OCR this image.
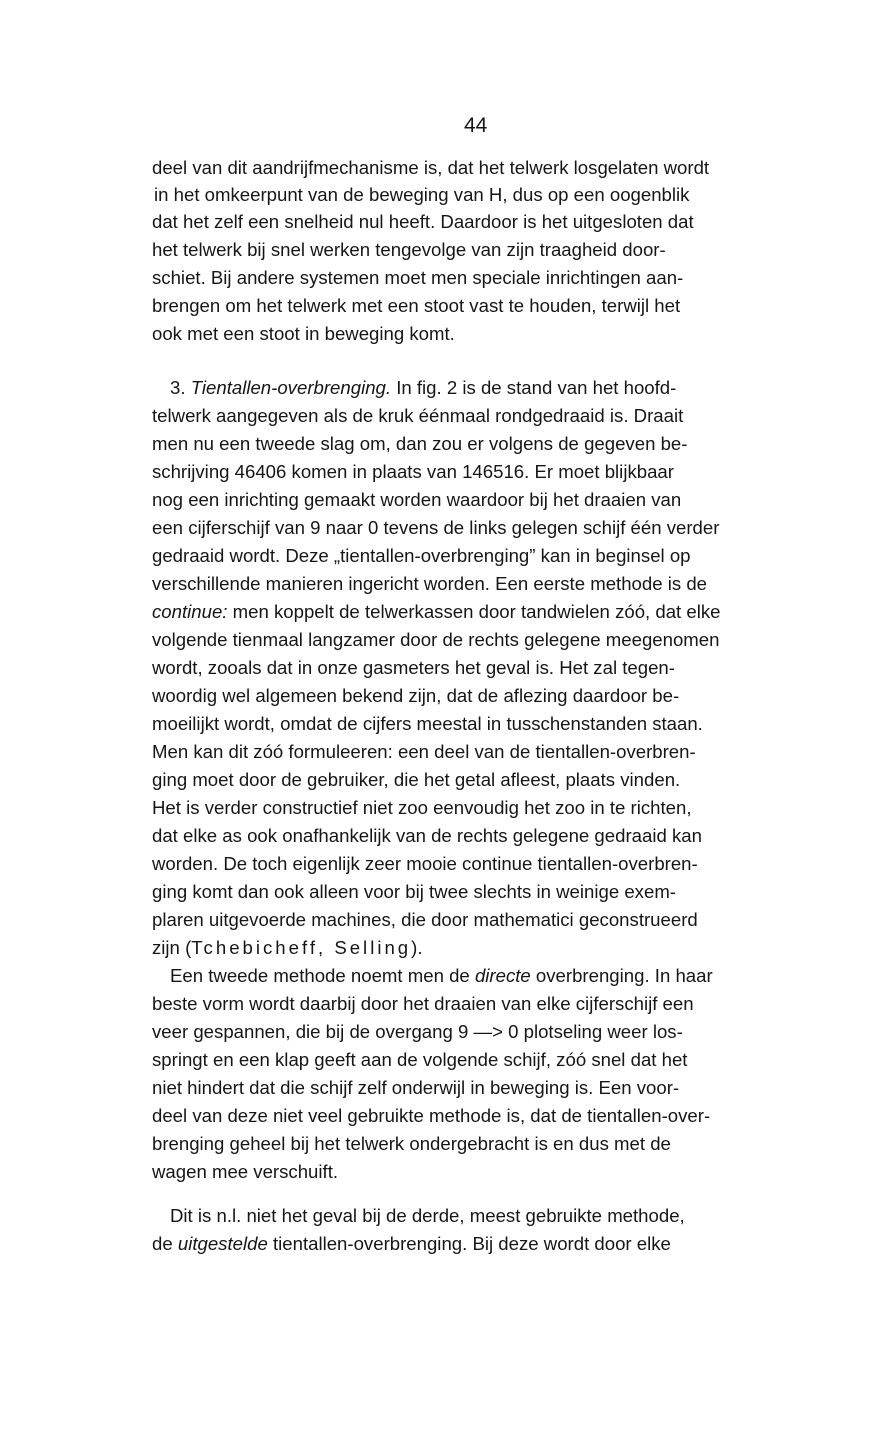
44
deel van dit aandrijfmechanisme is, dat het telwerk losgelaten wordt
in het omkeerpunt van de beweging van H, dus op een oogenblik
dat het zelf een snelheid nul heeft. Daardoor is het uitgesloten dat
het telwerk bij snel werken tengevolge van zijn traagheid door-
schiet. Bij andere systemen moet men speciale inrichtingen aan-
brengen om het telwerk met een stoot vast te houden, terwijl het
ook met een stoot in beweging komt.
3. Tientallen-overbrenging. In fig. 2 is de stand van het hoofd-
telwerk aangegeven als de kruk éénmaal rondgedraaid is. Draait
men nu een tweede slag om, dan zou er volgens de gegeven be-
schrijving 46406 komen in plaats van 146516. Er moet blijkbaar
nog een inrichting gemaakt worden waardoor bij het draaien van
een cijferschijf van 9 naar 0 tevens de links gelegen schijf één verder
gedraaid wordt. Deze „tientallen-overbrenging” kan in beginsel op
verschillende manieren ingericht worden. Een eerste methode is de
continue: men koppelt de telwerkassen door tandwielen zóó, dat elke
volgende tienmaal langzamer door de rechts gelegene meegenomen
wordt, zooals dat in onze gasmeters het geval is. Het zal tegen-
woordig wel algemeen bekend zijn, dat de aflezing daardoor be-
moeilijkt wordt, omdat de cijfers meestal in tusschenstanden staan.
Men kan dit zóó formuleeren: een deel van de tientallen-overbren-
ging moet door de gebruiker, die het getal afleest, plaats vinden.
Het is verder constructief niet zoo eenvoudig het zoo in te richten,
dat elke as ook onafhankelijk van de rechts gelegene gedraaid kan
worden. De toch eigenlijk zeer mooie continue tientallen-overbren-
ging komt dan ook alleen voor bij twee slechts in weinige exem-
plaren uitgevoerde machines, die door mathematici geconstrueerd
zijn (Tchebicheff, Selling).
Een tweede methode noemt men de directe overbrenging. In haar
beste vorm wordt daarbij door het draaien van elke cijferschijf een
veer gespannen, die bij de overgang 9 —> 0 plotseling weer los-
springt en een klap geeft aan de volgende schijf, zóó snel dat het
niet hindert dat die schijf zelf onderwijl in beweging is. Een voor-
deel van deze niet veel gebruikte methode is, dat de tientallen-over-
brenging geheel bij het telwerk ondergebracht is en dus met de
wagen mee verschuift.
Dit is n.l. niet het geval bij de derde, meest gebruikte methode,
de uitgestelde tientallen-overbrenging. Bij deze wordt door elke
